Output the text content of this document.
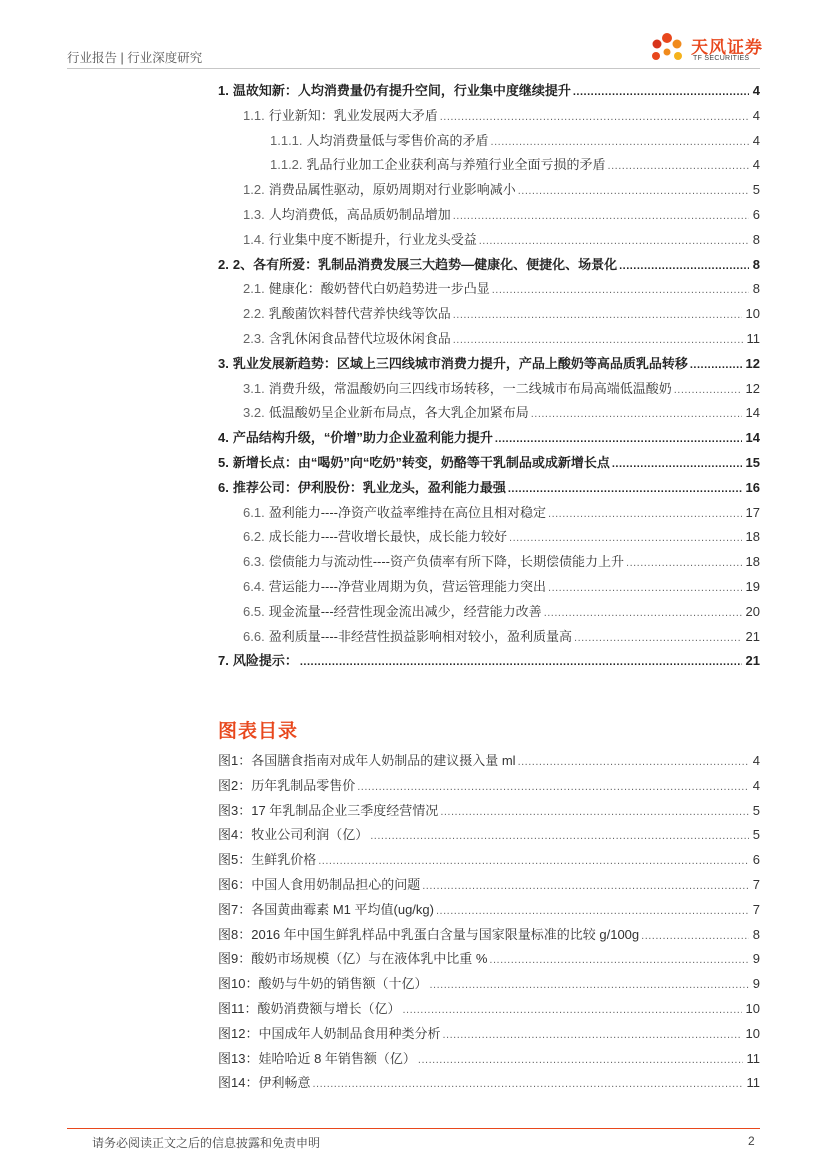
行业报告 | 行业深度研究
天风证券
TF SECURITIES
1. 温故知新：人均消费量仍有提升空间，行业集中度继续提升 .....	4
1.1. 行业新知：乳业发展两大矛盾 .....	4
1.1.1. 人均消费量低与零售价高的矛盾 .....	4
1.1.2. 乳品行业加工企业获利高与养殖行业全面亏损的矛盾 .....	4
1.2. 消费品属性驱动，原奶周期对行业影响减小 .....	5
1.3. 人均消费低，高品质奶制品增加 .....	6
1.4. 行业集中度不断提升，行业龙头受益 .....	8
2. 2、各有所爱：乳制品消费发展三大趋势—健康化、便捷化、场景化 .....	8
2.1. 健康化：酸奶替代白奶趋势进一步凸显 .....	8
2.2. 乳酸菌饮料替代营养快线等饮品 .....	10
2.3. 含乳休闲食品替代垃圾休闲食品 .....	11
3. 乳业发展新趋势：区域上三四线城市消费力提升，产品上酸奶等高品质乳品转移 .....	12
3.1. 消费升级，常温酸奶向三四线市场转移，一二线城市布局高端低温酸奶 .....	12
3.2. 低温酸奶呈企业新布局点，各大乳企加紧布局 .....	14
4. 产品结构升级，“价增”助力企业盈利能力提升 .....	14
5. 新增长点：由“喝奶”向“吃奶”转变，奶酪等干乳制品或成新增长点 .....	15
6. 推荐公司：伊利股份：乳业龙头，盈利能力最强 .....	16
6.1. 盈利能力----净资产收益率维持在高位且相对稳定 .....	17
6.2. 成长能力----营收增长最快，成长能力较好 .....	18
6.3. 偿债能力与流动性----资产负债率有所下降，长期偿债能力上升 .....	18
6.4. 营运能力----净营业周期为负，营运管理能力突出 .....	19
6.5. 现金流量---经营性现金流出减少，经营能力改善 .....	20
6.6. 盈利质量----非经营性损益影响相对较小，盈利质量高 .....	21
7. 风险提示： .....	21
图表目录
图1：各国膳食指南对成年人奶制品的建议摄入量 ml .....	4
图2：历年乳制品零售价 .....	4
图3：17 年乳制品企业三季度经营情况 .....	5
图4：牧业公司利润（亿） .....	5
图5：生鲜乳价格 .....	6
图6：中国人食用奶制品担心的问题 .....	7
图7：各国黄曲霉素 M1 平均值(ug/kg) .....	7
图8：2016 年中国生鲜乳样品中乳蛋白含量与国家限量标准的比较 g/100g .....	8
图9：酸奶市场规模（亿）与在液体乳中比重 % .....	9
图10：酸奶与牛奶的销售额（十亿） .....	9
图11：酸奶消费额与增长（亿） .....	10
图12：中国成年人奶制品食用种类分析 .....	10
图13：娃哈哈近 8 年销售额（亿） .....	11
图14：伊利畅意 .....	11
请务必阅读正文之后的信息披露和免责申明	2
